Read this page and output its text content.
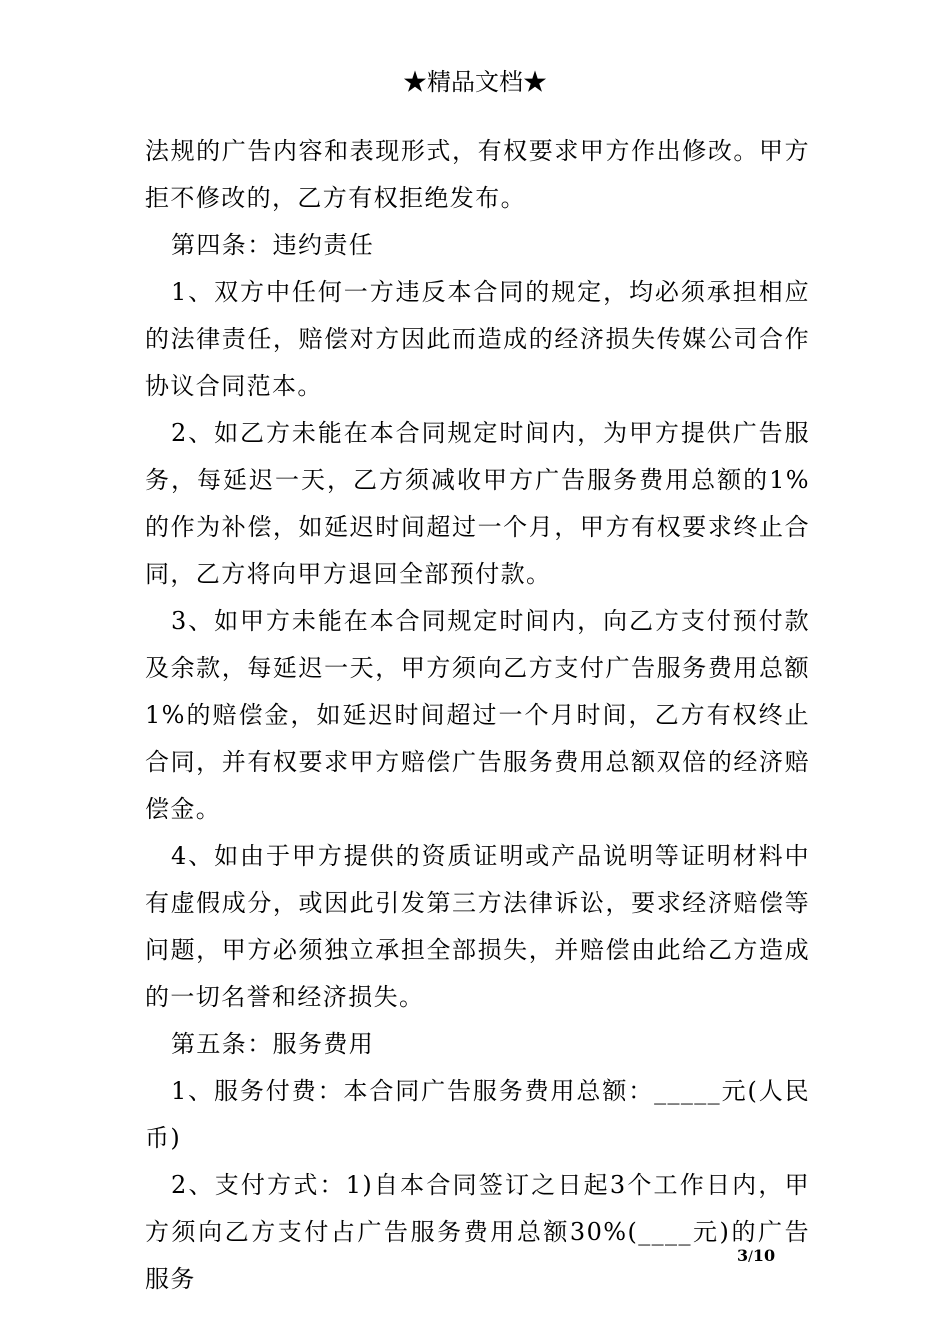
★精品文档★

法规的广告内容和表现形式，有权要求甲方作出修改。甲方拒不修改的，乙方有权拒绝发布。

第四条：违约责任

1、双方中任何一方违反本合同的规定，均必须承担相应的法律责任，赔偿对方因此而造成的经济损失传媒公司合作协议合同范本。

2、如乙方未能在本合同规定时间内，为甲方提供广告服务，每延迟一天，乙方须减收甲方广告服务费用总额的1%的作为补偿，如延迟时间超过一个月，甲方有权要求终止合同，乙方将向甲方退回全部预付款。

3、如甲方未能在本合同规定时间内，向乙方支付预付款及余款，每延迟一天，甲方须向乙方支付广告服务费用总额1%的赔偿金，如延迟时间超过一个月时间，乙方有权终止合同，并有权要求甲方赔偿广告服务费用总额双倍的经济赔偿金。

4、如由于甲方提供的资质证明或产品说明等证明材料中有虚假成分，或因此引发第三方法律诉讼，要求经济赔偿等问题，甲方必须独立承担全部损失，并赔偿由此给乙方造成的一切名誉和经济损失。

第五条：服务费用

1、服务付费：本合同广告服务费用总额：_____元(人民币)

2、支付方式：1)自本合同签订之日起3个工作日内，甲方须向乙方支付占广告服务费用总额30%(____元)的广告服务

3/10
